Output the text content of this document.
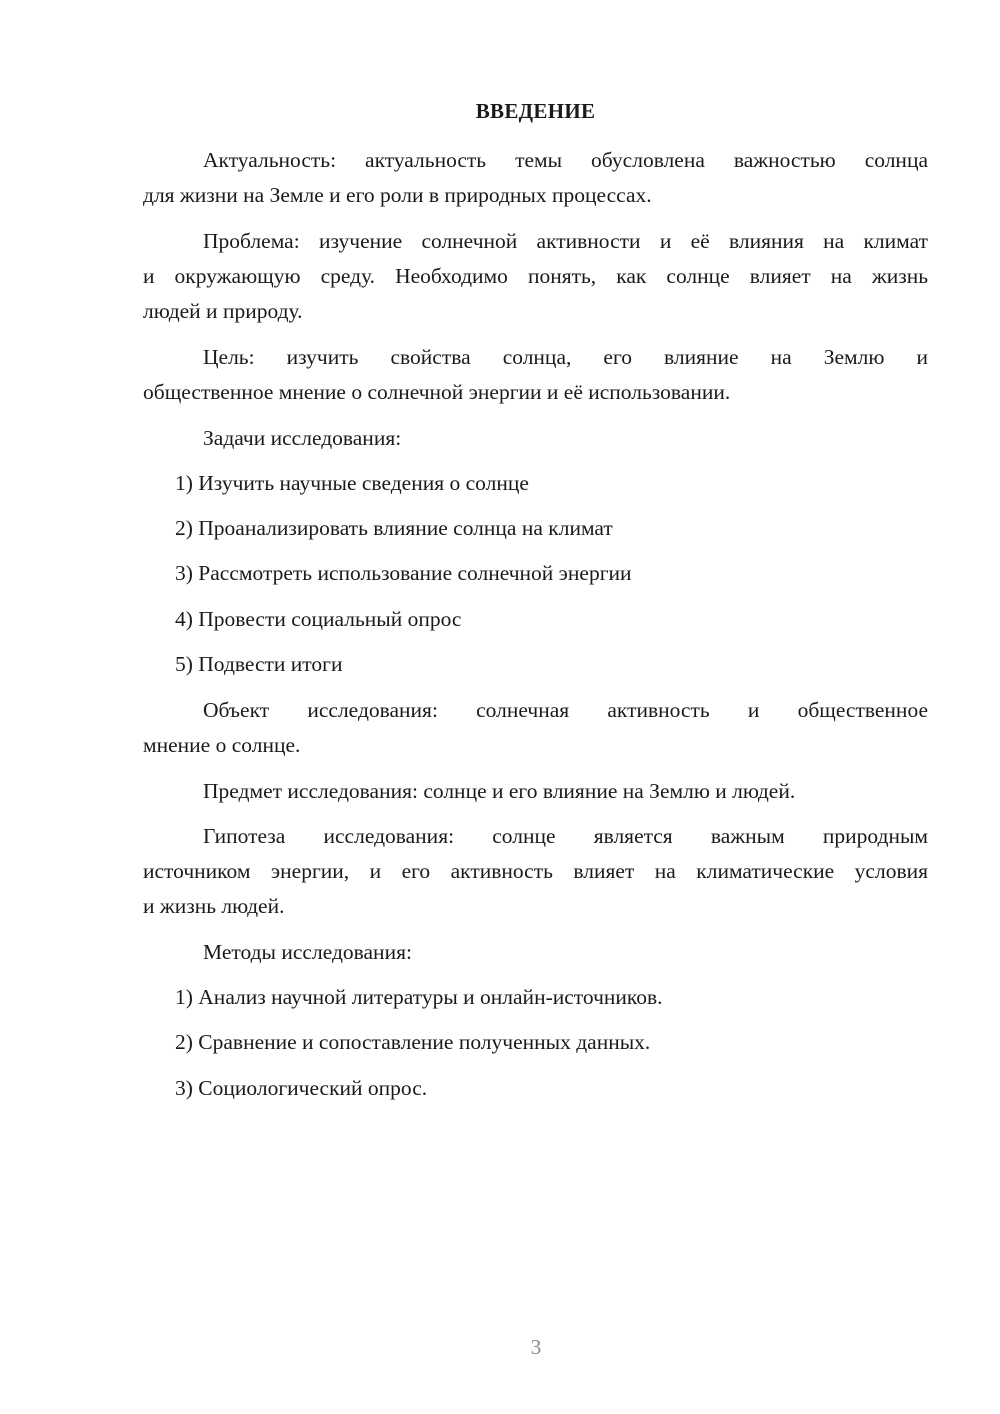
ВВЕДЕНИЕ
Актуальность: актуальность темы обусловлена важностью солнца
для жизни на Земле и его роли в природных процессах.
Проблема: изучение солнечной активности и её влияния на климат
и окружающую среду. Необходимо понять, как солнце влияет на жизнь
людей и природу.
Цель: изучить свойства солнца, его влияние на Землю и
общественное мнение о солнечной энергии и её использовании.
Задачи исследования:
1) Изучить научные сведения о солнце
2) Проанализировать влияние солнца на климат
3) Рассмотреть использование солнечной энергии
4) Провести социальный опрос
5) Подвести итоги
Объект исследования: солнечная активность и общественное
мнение о солнце.
Предмет исследования: солнце и его влияние на Землю и людей.
Гипотеза исследования: солнце является важным природным
источником энергии, и его активность влияет на климатические условия
и жизнь людей.
Методы исследования:
1) Анализ научной литературы и онлайн-источников.
2) Сравнение и сопоставление полученных данных.
3) Социологический опрос.
3
